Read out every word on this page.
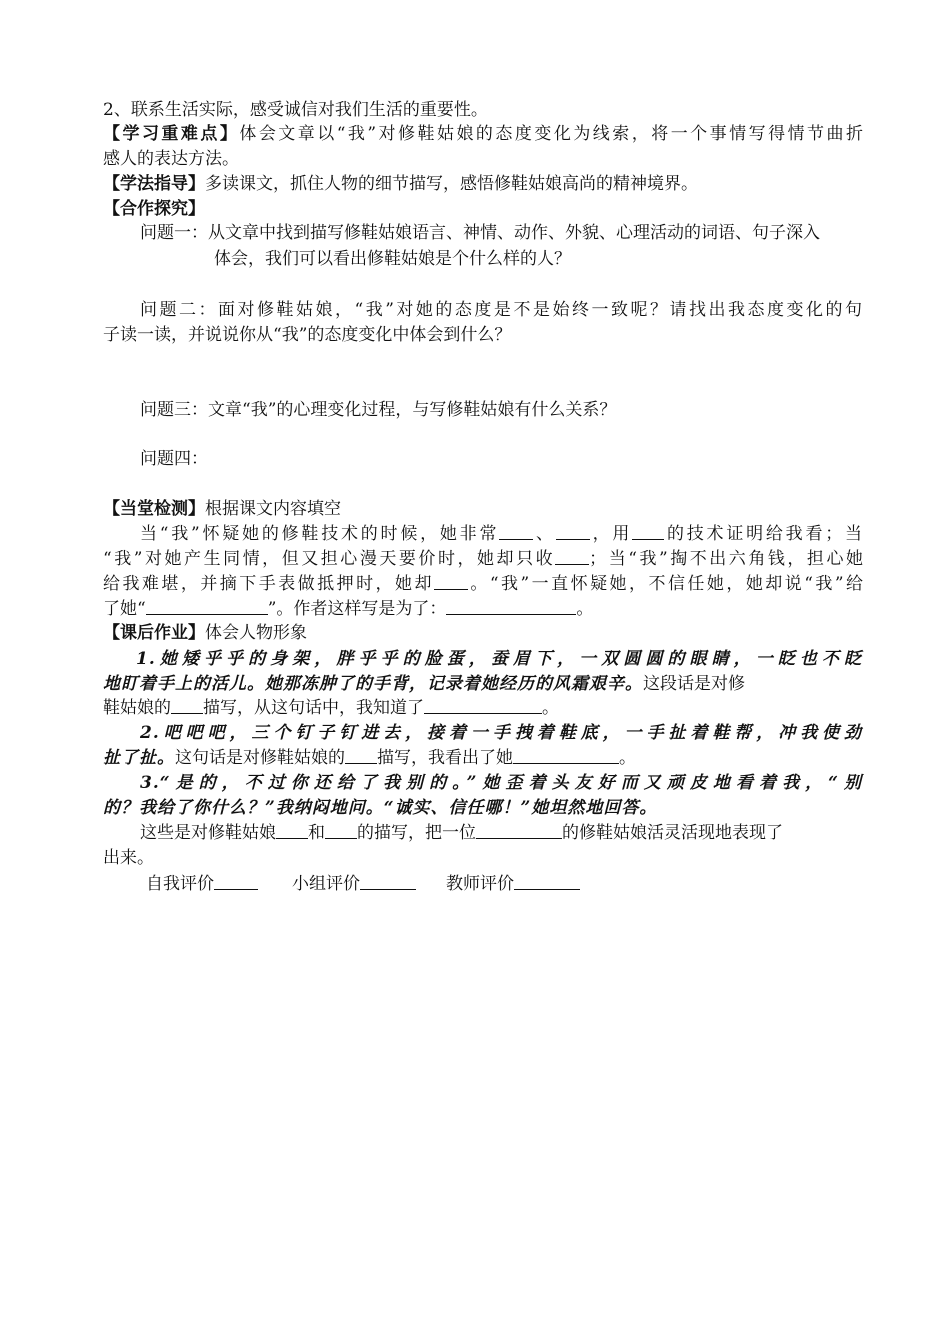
2、联系生活实际，感受诚信对我们生活的重要性。
【学习重难点】体会文章以“我”对修鞋姑娘的态度变化为线索，将一个事情写得情节曲折
感人的表达方法。
【学法指导】多读课文，抓住人物的细节描写，感悟修鞋姑娘高尚的精神境界。
【合作探究】
问题一：从文章中找到描写修鞋姑娘语言、神情、动作、外貌、心理活动的词语、句子深入
体会，我们可以看出修鞋姑娘是个什么样的人？
问题二：面对修鞋姑娘，“我”对她的态度是不是始终一致呢？请找出我态度变化的句
子读一读，并说说你从“我”的态度变化中体会到什么？
问题三：文章“我”的心理变化过程，与写修鞋姑娘有什么关系？
问题四：
【当堂检测】根据课文内容填空
当“我”怀疑她的修鞋技术的时候，她非常 、 ，用 的技术证明给我看；当
“我”对她产生同情，但又担心漫天要价时，她却只收 ；当“我”掏不出六角钱，担心她
给我难堪，并摘下手表做抵押时，她却 。“我”一直怀疑她，不信任她，她却说“我”给
了她“	”。作者这样写是为了：	。
【课后作业】体会人物形象
1.她矮乎乎的身架，胖乎乎的脸蛋，蚕眉下，一双圆圆的眼睛，一眨也不眨
地盯着手上的活儿。她那冻肿了的手背，记录着她经历的风霜艰辛。这段话是对修
鞋姑娘的 描写，从这句话中，我知道了	。
2.吧吧吧，三个钉子钉进去，接着一手拽着鞋底，一手扯着鞋帮，冲我使劲
扯了扯。这句话是对修鞋姑娘的 描写，我看出了她	。
3.“是的，不过你还给了我别的。”她歪着头友好而又顽皮地看着我，“别
的？我给了你什么？”我纳闷地问。“诚实、信任哪！”她坦然地回答。
这些是对修鞋姑娘 和 的描写，把一位	的修鞋姑娘活灵活现地表现了
出来。
自我评价	小组评价	教师评价
